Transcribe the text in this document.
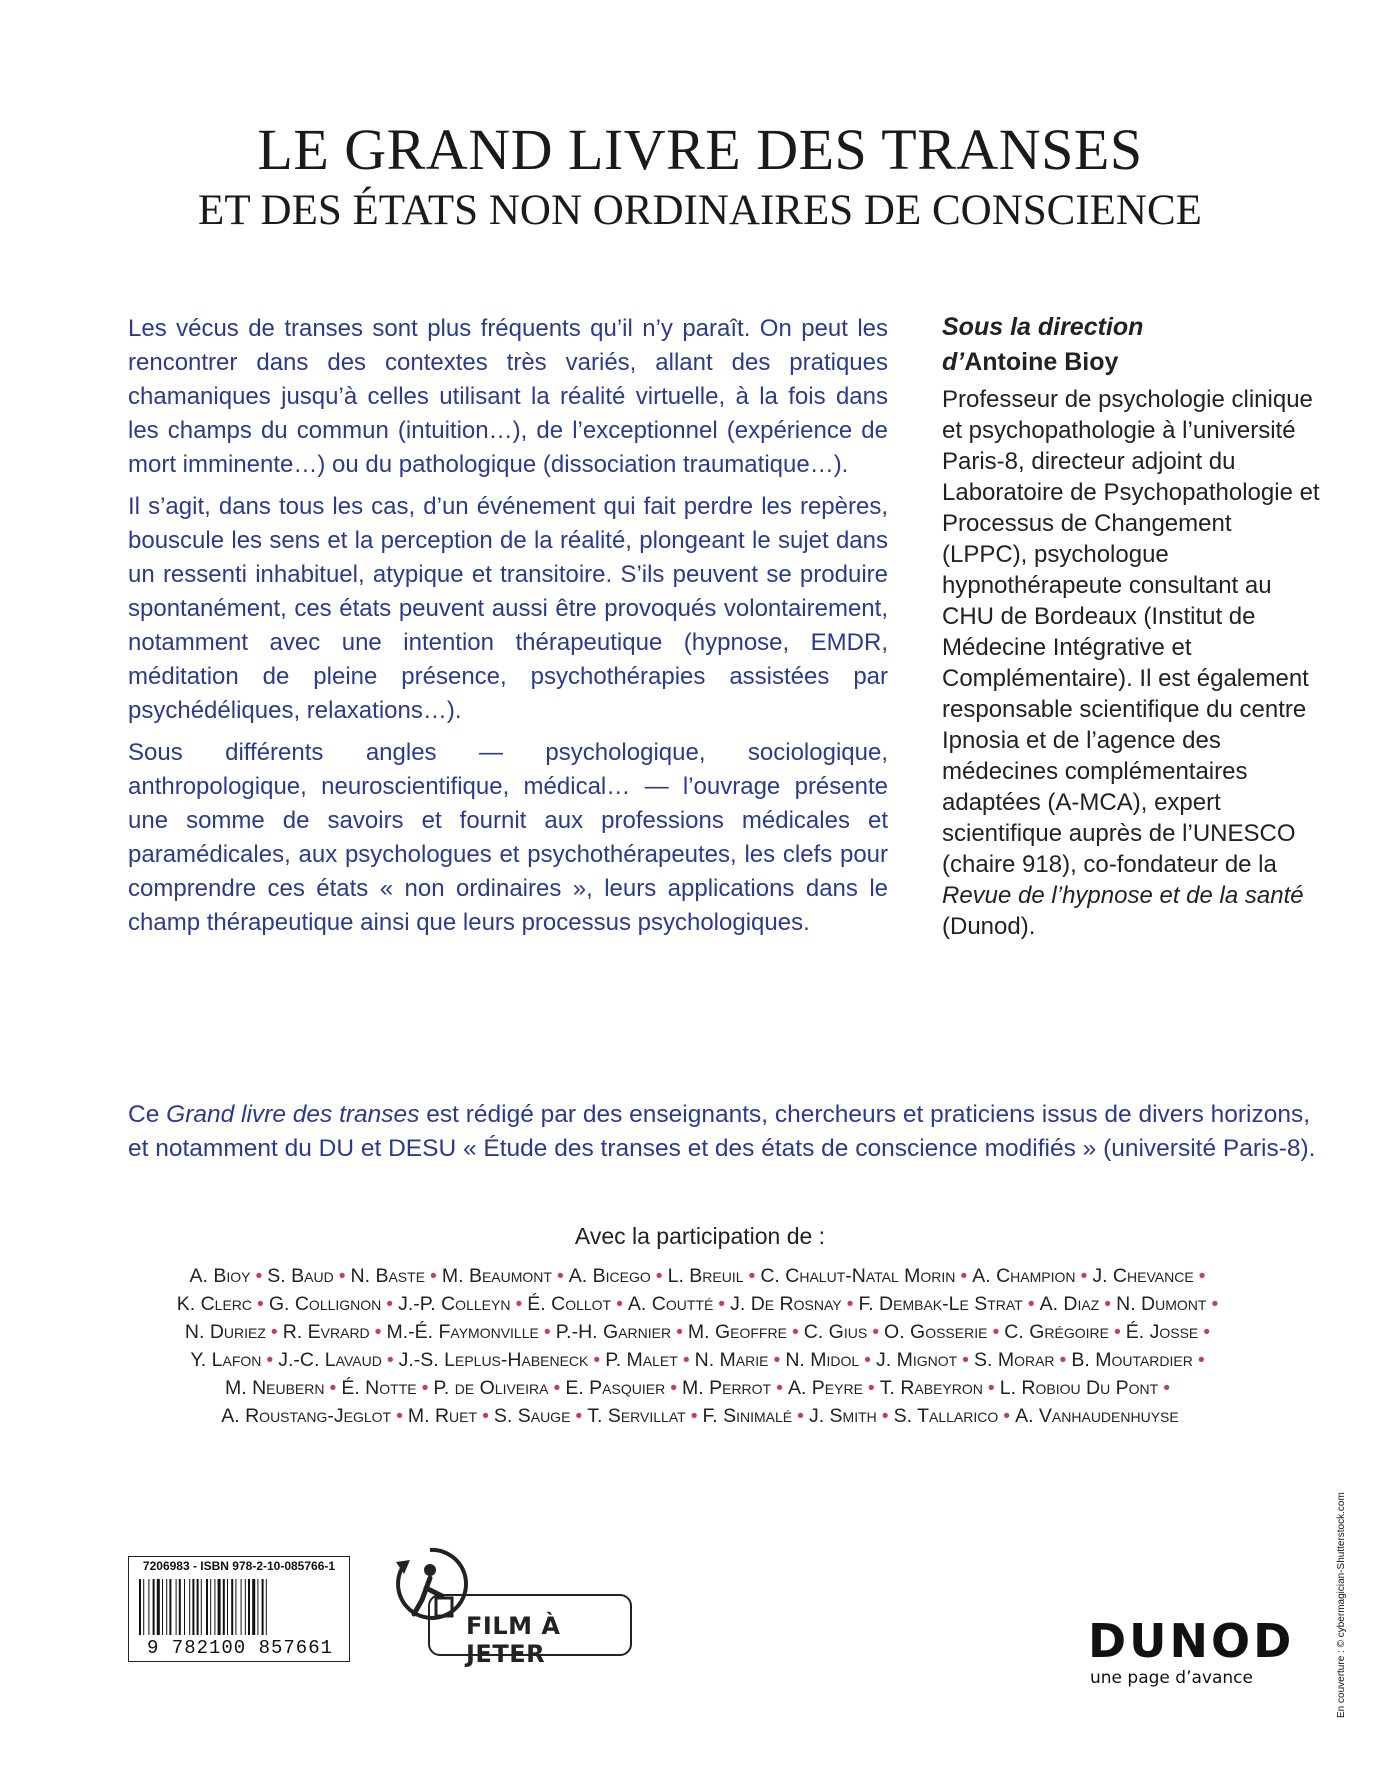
LE GRAND LIVRE DES TRANSES
ET DES ÉTATS NON ORDINAIRES DE CONSCIENCE

Les vécus de transes sont plus fréquents qu’il n’y paraît. On peut les rencontrer dans des contextes très variés, allant des pratiques chamaniques jusqu’à celles utilisant la réalité virtuelle, à la fois dans les champs du commun (intuition…), de l’exceptionnel (expérience de mort imminente…) ou du pathologique (dissociation traumatique…).

Il s’agit, dans tous les cas, d’un événement qui fait perdre les repères, bouscule les sens et la perception de la réalité, plongeant le sujet dans un ressenti inhabituel, atypique et transitoire. S’ils peuvent se produire spontanément, ces états peuvent aussi être provoqués volontairement, notamment avec une intention thérapeutique (hypnose, EMDR, méditation de pleine présence, psychothérapies assistées par psychédéliques, relaxations…).

Sous différents angles — psychologique, sociologique, anthropologique, neuroscientifique, médical… — l’ouvrage présente une somme de savoirs et fournit aux professions médicales et paramédicales, aux psychologues et psychothérapeutes, les clefs pour comprendre ces états « non ordinaires », leurs applications dans le champ thérapeutique ainsi que leurs processus psychologiques.

Sous la direction
d’Antoine Bioy
Professeur de psychologie clinique et psychopathologie à l’université Paris-8, directeur adjoint du Laboratoire de Psychopathologie et Processus de Changement (LPPC), psychologue hypnothérapeute consultant au CHU de Bordeaux (Institut de Médecine Intégrative et Complémentaire). Il est également responsable scientifique du centre Ipnosia et de l’agence des médecines complémentaires adaptées (A-MCA), expert scientifique auprès de l’UNESCO (chaire 918), co-fondateur de la Revue de l’hypnose et de la santé (Dunod).
Ce Grand livre des transes est rédigé par des enseignants, chercheurs et praticiens issus de divers horizons, et notamment du DU et DESU « Étude des transes et des états de conscience modifiés » (université Paris-8).
Avec la participation de :
A. Bioy • S. Baud • N. Baste • M. Beaumont • A. Bicego • L. Breuil • C. Chalut-Natal Morin • A. Champion • J. Chevance •
K. Clerc • G. Collignon • J.-P. Colleyn • É. Collot • A. Coutté • J. De Rosnay • F. Dembak-Le Strat • A. Diaz • N. Dumont •
N. Duriez • R. Evrard • M.-É. Faymonville • P.-H. Garnier • M. Geoffre • C. Gius • O. Gosserie • C. Grégoire • É. Josse •
Y. Lafon • J.-C. Lavaud • J.-S. Leplus-Habeneck • P. Malet • N. Marie • N. Midol • J. Mignot • S. Morar • B. Moutardier •
M. Neubern • É. Notte • P. de Oliveira • E. Pasquier • M. Perrot • A. Peyre • T. Rabeyron • L. Robiou Du Pont •
A. Roustang-Jeglot • M. Ruet • S. Sauge • T. Servillat • F. Sinimalé • J. Smith • S. Tallarico • A. Vanhaudenhuyse
7206983 - ISBN 978-2-10-085766-1
9 782100 857661
FILM À JETER	DUNOD
une page d’avance	En couverture : © cybermagician-Shutterstock.com
